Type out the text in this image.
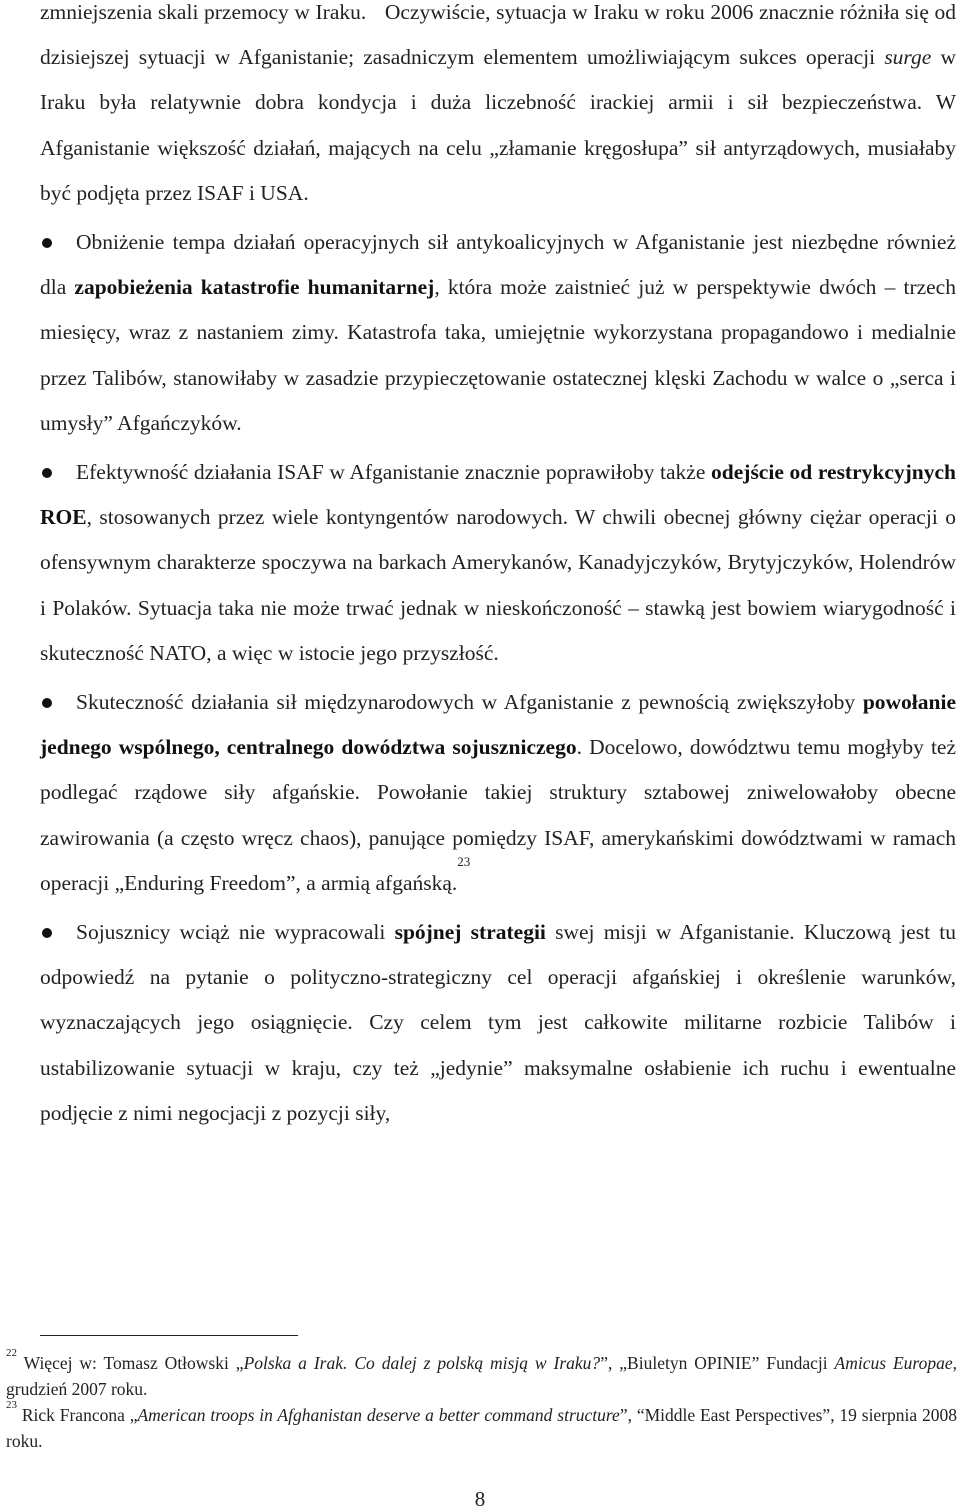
zmniejszenia skali przemocy w Iraku. Oczywiście, sytuacja w Iraku w roku 2006 znacznie różniła się od dzisiejszej sytuacji w Afganistanie; zasadniczym elementem umożliwiającym sukces operacji surge w Iraku była relatywnie dobra kondycja i duża liczebność irackiej armii i sił bezpieczeństwa. W Afganistanie większość działań, mających na celu „złamanie kręgosłupa” sił antyrządowych, musiałaby być podjęta przez ISAF i USA.

Obniżenie tempa działań operacyjnych sił antykoalicyjnych w Afganistanie jest niezbędne również dla zapobieżenia katastrofie humanitarnej, która może zaistnieć już w perspektywie dwóch – trzech miesięcy, wraz z nastaniem zimy. Katastrofa taka, umiejętnie wykorzystana propagandowo i medialnie przez Talibów, stanowiłaby w zasadzie przypieczętowanie ostatecznej klęski Zachodu w walce o „serca i umysły” Afgańczyków.

Efektywność działania ISAF w Afganistanie znacznie poprawiłoby także odejście od restrykcyjnych ROE, stosowanych przez wiele kontyngentów narodowych. W chwili obecnej główny ciężar operacji o ofensywnym charakterze spoczywa na barkach Amerykanów, Kanadyjczyków, Brytyjczyków, Holendrów i Polaków. Sytuacja taka nie może trwać jednak w nieskończoność – stawką jest bowiem wiarygodność i skuteczność NATO, a więc w istocie jego przyszłość.

Skuteczność działania sił międzynarodowych w Afganistanie z pewnością zwiększyłoby powołanie jednego wspólnego, centralnego dowództwa sojuszniczego. Docelowo, dowództwu temu mogłyby też podlegać rządowe siły afgańskie. Powołanie takiej struktury sztabowej zniwelowałoby obecne zawirowania (a często wręcz chaos), panujące pomiędzy ISAF, amerykańskimi dowództwami w ramach operacji „Enduring Freedom”, a armią afgańską.$^{23}$

Sojusznicy wciąż nie wypracowali spójnej strategii swej misji w Afganistanie. Kluczową jest tu odpowiedź na pytanie o polityczno-strategiczny cel operacji afgańskiej i określenie warunków, wyznaczających jego osiągnięcie. Czy celem tym jest całkowite militarne rozbicie Talibów i ustabilizowanie sytuacji w kraju, czy też „jedynie” maksymalne osłabienie ich ruchu i ewentualne podjęcie z nimi negocjacji z pozycji siły,

$^{22}$ Więcej w: Tomasz Otłowski „Polska a Irak. Co dalej z polską misją w Iraku?”, „Biuletyn OPINIE” Fundacji Amicus Europae, grudzień 2007 roku.

$^{23}$ Rick Francona „American troops in Afghanistan deserve a better command structure”, “Middle East Perspectives”, 19 sierpnia 2008 roku.

8
